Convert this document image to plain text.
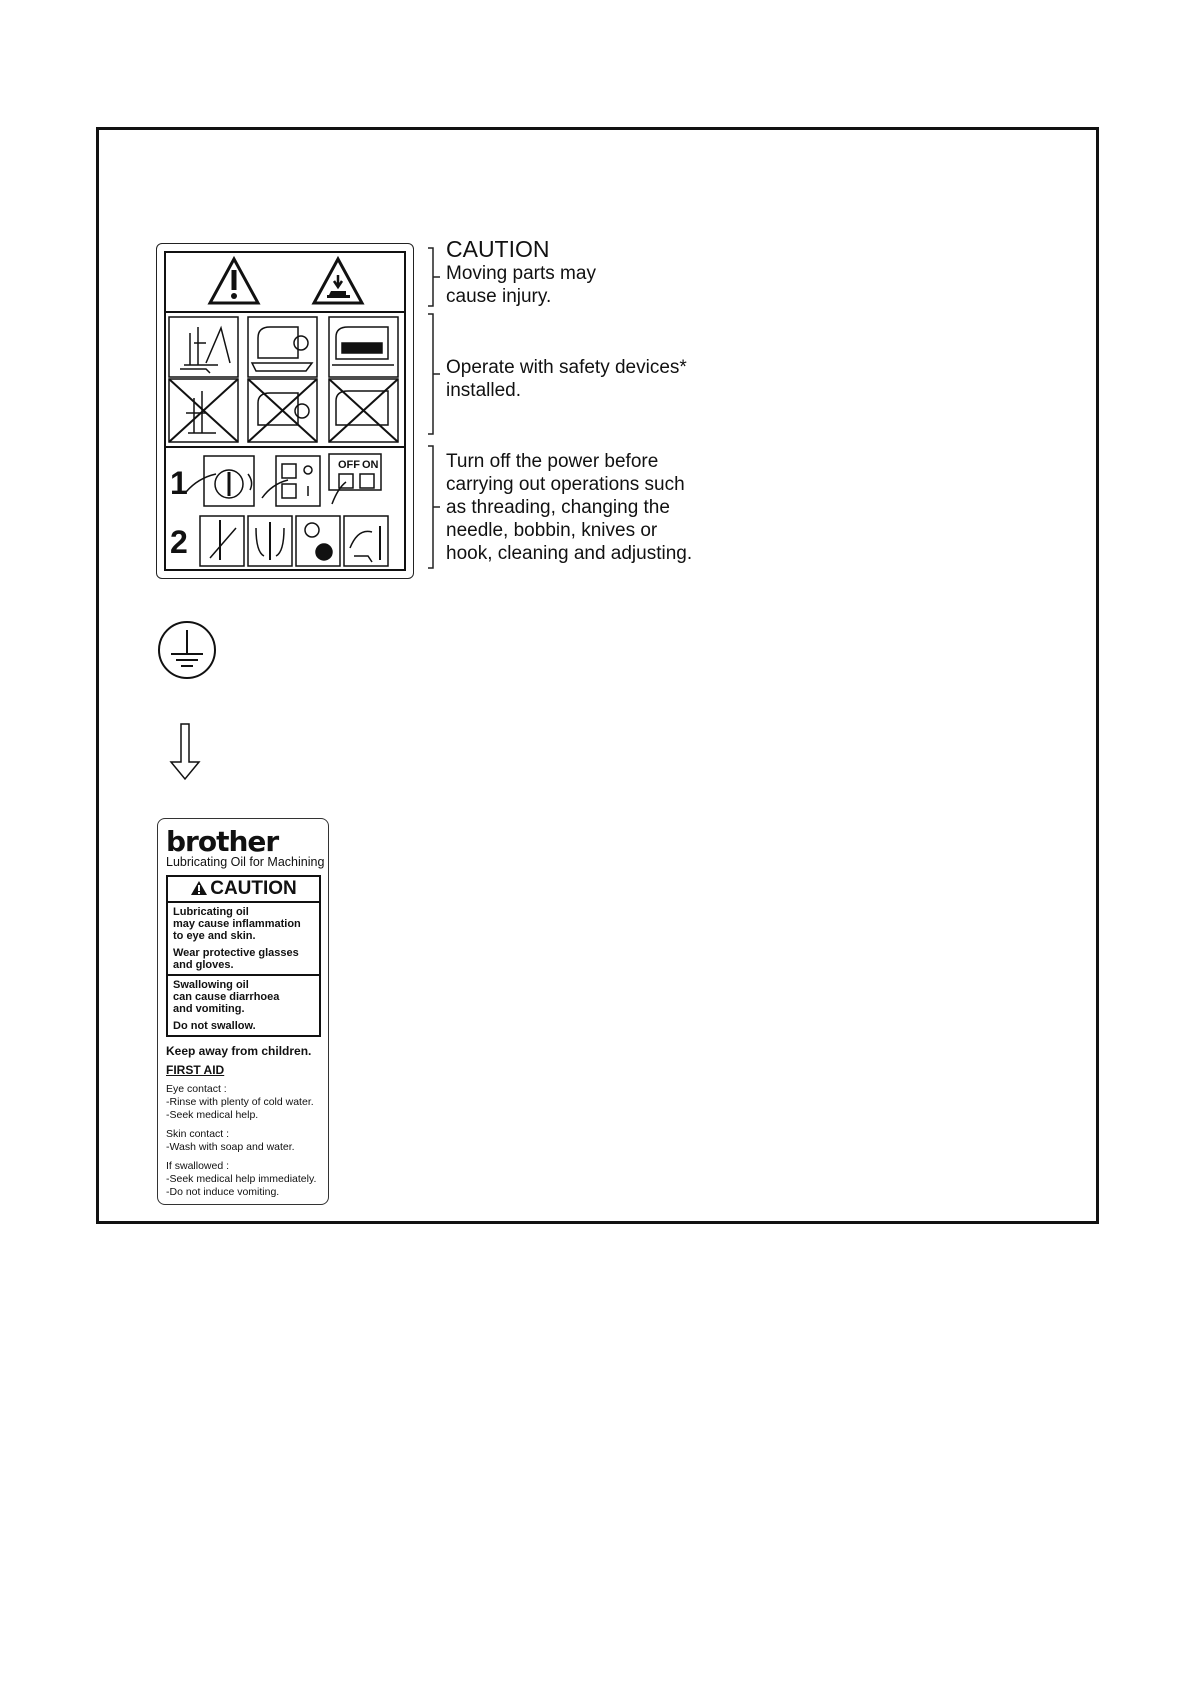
1
2
OFF ON

CAUTION

Moving parts may

cause injury.

Operate with safety devices*

installed.

Turn off the power before

carrying out operations such

as threading, changing the

needle, bobbin, knives or

hook, cleaning and adjusting.

brother
Lubricating Oil for Machining
CAUTION

Lubricating oil

may cause inflammation

to eye and skin.

Wear protective glasses

and gloves.

Swallowing oil

can cause diarrhoea

and vomiting.

Do not swallow.

Keep away from children.
FIRST AID
Eye contact :
-Rinse with plenty of cold water.
-Seek medical help.
Skin contact :
-Wash with soap and water.
If swallowed :
-Seek medical help immediately.
-Do not induce vomiting.
